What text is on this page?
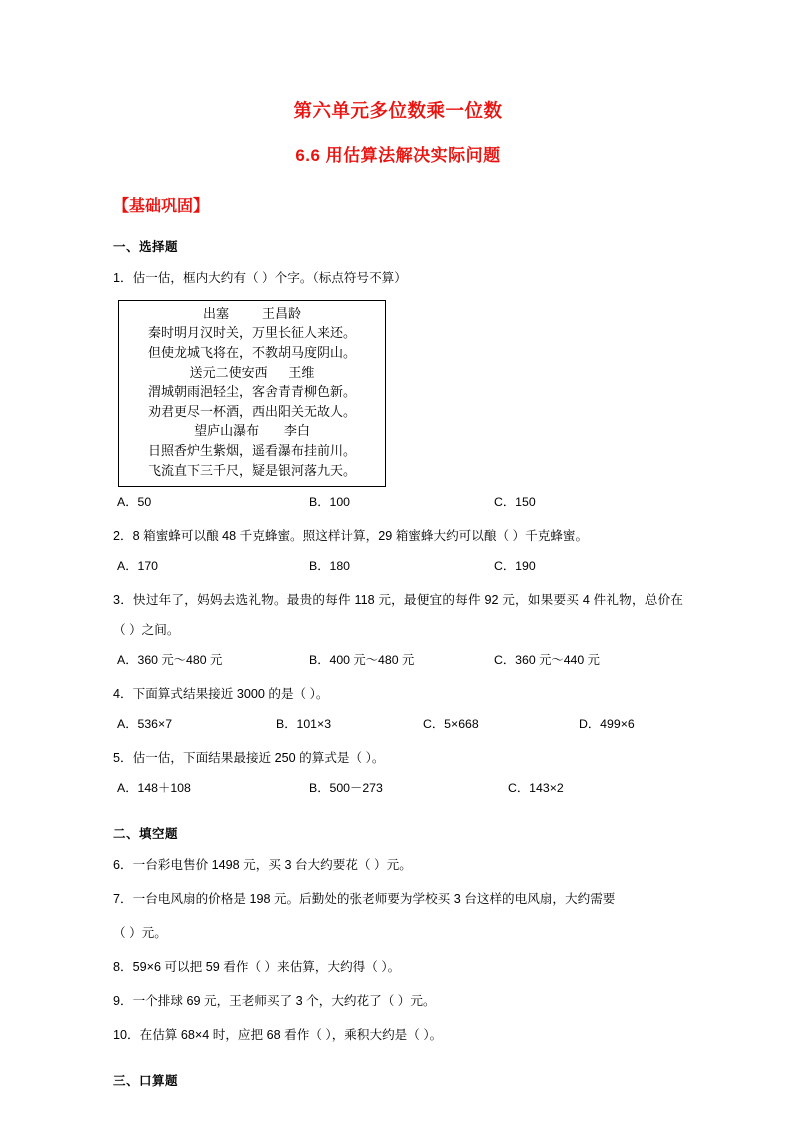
第六单元多位数乘一位数
6.6 用估算法解决实际问题
【基础巩固】
一、选择题
1．估一估，框内大约有（ ）个字。（标点符号不算）
出塞        王昌龄
秦时明月汉时关，万里长征人来还。
但使龙城飞将在，不教胡马度阴山。
送元二使安西     王维
渭城朝雨浥轻尘，客舍青青柳色新。
劝君更尽一杯酒，西出阳关无故人。
望庐山瀑布      李白
日照香炉生紫烟，遥看瀑布挂前川。
飞流直下三千尺，疑是银河落九天。
A．50	B．100	C．150
2．8 箱蜜蜂可以酿 48 千克蜂蜜。照这样计算，29 箱蜜蜂大约可以酿（ ）千克蜂蜜。
A．170	B．180	C．190
3．快过年了，妈妈去选礼物。最贵的每件 118 元，最便宜的每件 92 元，如果要买 4 件礼物，总价在（ ）之间。
A．360 元～480 元	B．400 元～480 元	C．360 元～440 元
4．下面算式结果接近 3000 的是（ ）。
A．536×7	B．101×3	C．5×668	D．499×6
5．估一估，下面结果最接近 250 的算式是（ ）。
A．148＋108	B．500－273	C．143×2
二、填空题
6．一台彩电售价 1498 元，买 3 台大约要花（ ）元。
7．一台电风扇的价格是 198 元。后勤处的张老师要为学校买 3 台这样的电风扇，大约需要
（ ）元。
8．59×6 可以把 59 看作（ ）来估算，大约得（ ）。
9．一个排球 69 元，王老师买了 3 个，大约花了（ ）元。
10．在估算 68×4 时，应把 68 看作（ ），乘积大约是（ ）。
三、口算题
